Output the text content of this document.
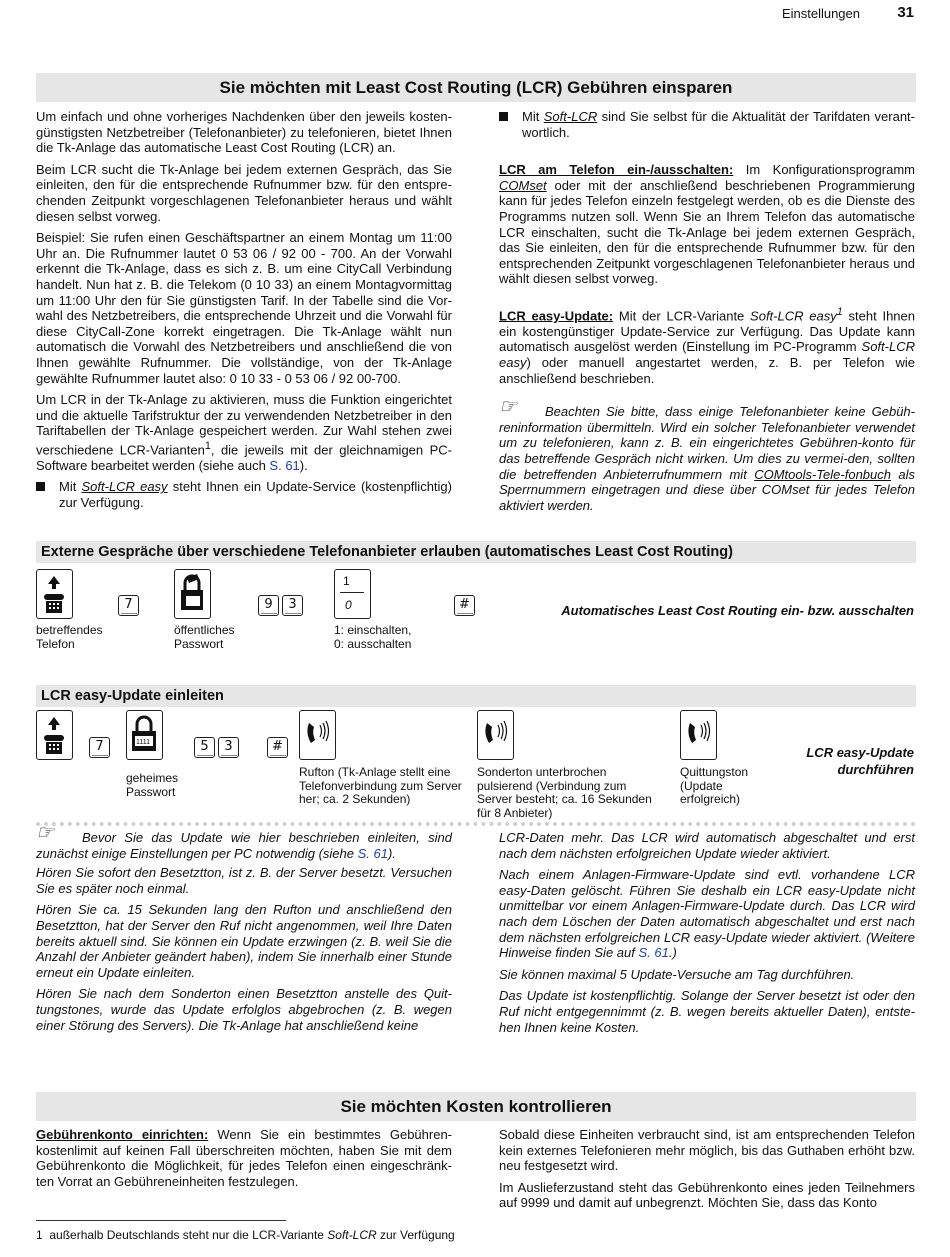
Einstellungen 31
Sie möchten mit Least Cost Routing (LCR) Gebühren einsparen

Um einfach und ohne vorheriges Nachdenken über den jeweils kosten-günstigsten Netzbetreiber (Telefonanbieter) zu telefonieren, bietet Ihnen die Tk-Anlage das automatische Least Cost Routing (LCR) an.

Beim LCR sucht die Tk-Anlage bei jedem externen Gespräch, das Sie einleiten, den für die entsprechende Rufnummer bzw. für den entspre-chenden Zeitpunkt vorgeschlagenen Telefonanbieter heraus und wählt diesen selbst vorweg.

Beispiel: Sie rufen einen Geschäftspartner an einem Montag um 11:00 Uhr an. Die Rufnummer lautet 0 53 06 / 92 00 - 700. An der Vorwahl erkennt die Tk-Anlage, dass es sich z. B. um eine CityCall Verbindung handelt. Nun hat z. B. die Telekom (0 10 33) an einem Montagvormittag um 11:00 Uhr den für Sie günstigsten Tarif. In der Tabelle sind die Vor-wahl des Netzbetreibers, die entsprechende Uhrzeit und die Vorwahl für diese CityCall-Zone korrekt eingetragen. Die Tk-Anlage wählt nun automatisch die Vorwahl des Netzbetreibers und anschließend die von Ihnen gewählte Rufnummer. Die vollständige, von der Tk-Anlage gewählte Rufnummer lautet also: 0 10 33 - 0 53 06 / 92 00-700.

Um LCR in der Tk-Anlage zu aktivieren, muss die Funktion eingerichtet und die aktuelle Tarifstruktur der zu verwendenden Netzbetreiber in den Tariftabellen der Tk-Anlage gespeichert werden. Zur Wahl stehen zwei verschiedene LCR-Varianten$^1$, die jeweils mit der gleichnamigen PC-Software bearbeitet werden (siehe auch S. 61).

Mit Soft-LCR easy steht Ihnen ein Update-Service (kostenpflichtig) zur Verfügung.
Mit Soft-LCR sind Sie selbst für die Aktualität der Tarifdaten verant-wortlich.

LCR am Telefon ein-/ausschalten: Im Konfigurationsprogramm COMset oder mit der anschließend beschriebenen Programmierung kann für jedes Telefon einzeln festgelegt werden, ob es die Dienste des Programms nutzen soll. Wenn Sie an Ihrem Telefon das automatische LCR einschalten, sucht die Tk-Anlage bei jedem externen Gespräch, das Sie einleiten, den für die entsprechende Rufnummer bzw. für den entsprechenden Zeitpunkt vorgeschlagenen Telefonanbieter heraus und wählt diesen selbst vorweg.

LCR easy-Update: Mit der LCR-Variante Soft-LCR easy$^1$ steht Ihnen ein kostengünstiger Update-Service zur Verfügung. Das Update kann automatisch ausgelöst werden (Einstellung im PC-Programm Soft-LCR easy) oder manuell angestartet werden, z. B. per Telefon wie anschließend beschrieben.

☞	Beachten Sie bitte, dass einige Telefonanbieter keine Gebüh-reninformation übermitteln. Wird ein solcher Telefonanbieter verwendet um zu telefonieren, kann z. B. ein eingerichtetes Gebühren-konto für das betreffende Gespräch nicht wirken. Um dies zu vermei-den, sollten die betreffenden Anbieterrufnummern mit COMtools-Tele-fonbuch als Sperrnummern eingetragen und diese über COMset für jedes Telefon aktiviert werden.

Externe Gespräche über verschiedene Telefonanbieter erlauben (automatisches Least Cost Routing)
7	9	3
1
0	#
betreffendes Telefon
öffentliches Passwort
1: einschalten,
0: ausschalten
Automatisches Least Cost Routing ein- bzw. ausschalten
LCR easy-Update einleiten
7	1111	5	3	#
geheimes Passwort
Rufton (Tk-Anlage stellt eine Telefonverbindung zum Server her; ca. 2 Sekunden)
Sonderton unterbrochen pulsierend (Verbindung zum Server besteht; ca. 16 Sekunden für 8 Anbieter)
Quittungston (Update erfolgreich)
LCR easy-Update durchführen
☞	Bevor Sie das Update wie hier beschrieben einleiten, sind zunächst einige Einstellungen per PC notwendig (siehe S. 61).

Hören Sie sofort den Besetztton, ist z. B. der Server besetzt. Versuchen Sie es später noch einmal.

Hören Sie ca. 15 Sekunden lang den Rufton und anschließend den Besetztton, hat der Server den Ruf nicht angenommen, weil Ihre Daten bereits aktuell sind. Sie können ein Update erzwingen (z. B. weil Sie die Anzahl der Anbieter geändert haben), indem Sie innerhalb einer Stunde erneut ein Update einleiten.

Hören Sie nach dem Sonderton einen Besetztton anstelle des Quit-tungstones, wurde das Update erfolglos abgebrochen (z. B. wegen einer Störung des Servers). Die Tk-Anlage hat anschließend keine

LCR-Daten mehr. Das LCR wird automatisch abgeschaltet und erst nach dem nächsten erfolgreichen Update wieder aktiviert.

Nach einem Anlagen-Firmware-Update sind evtl. vorhandene LCR easy-Daten gelöscht. Führen Sie deshalb ein LCR easy-Update nicht unmittelbar vor einem Anlagen-Firmware-Update durch. Das LCR wird nach dem Löschen der Daten automatisch abgeschaltet und erst nach dem nächsten erfolgreichen LCR easy-Update wieder aktiviert. (Weitere Hinweise finden Sie auf S. 61.)

Sie können maximal 5 Update-Versuche am Tag durchführen.

Das Update ist kostenpflichtig. Solange der Server besetzt ist oder den Ruf nicht entgegennimmt (z. B. wegen bereits aktueller Daten), entste-hen Ihnen keine Kosten.

Sie möchten Kosten kontrollieren

Gebührenkonto einrichten: Wenn Sie ein bestimmtes Gebühren-kostenlimit auf keinen Fall überschreiten möchten, haben Sie mit dem Gebührenkonto die Möglichkeit, für jedes Telefon einen eingeschränk-ten Vorrat an Gebühreneinheiten festzulegen.

Sobald diese Einheiten verbraucht sind, ist am entsprechenden Telefon kein externes Telefonieren mehr möglich, bis das Guthaben erhöht bzw. neu festgesetzt wird.

Im Auslieferzustand steht das Gebührenkonto eines jeden Teilnehmers auf 9999 und damit auf unbegrenzt. Möchten Sie, dass das Konto

1 außerhalb Deutschlands steht nur die LCR-Variante Soft-LCR zur Verfügung
